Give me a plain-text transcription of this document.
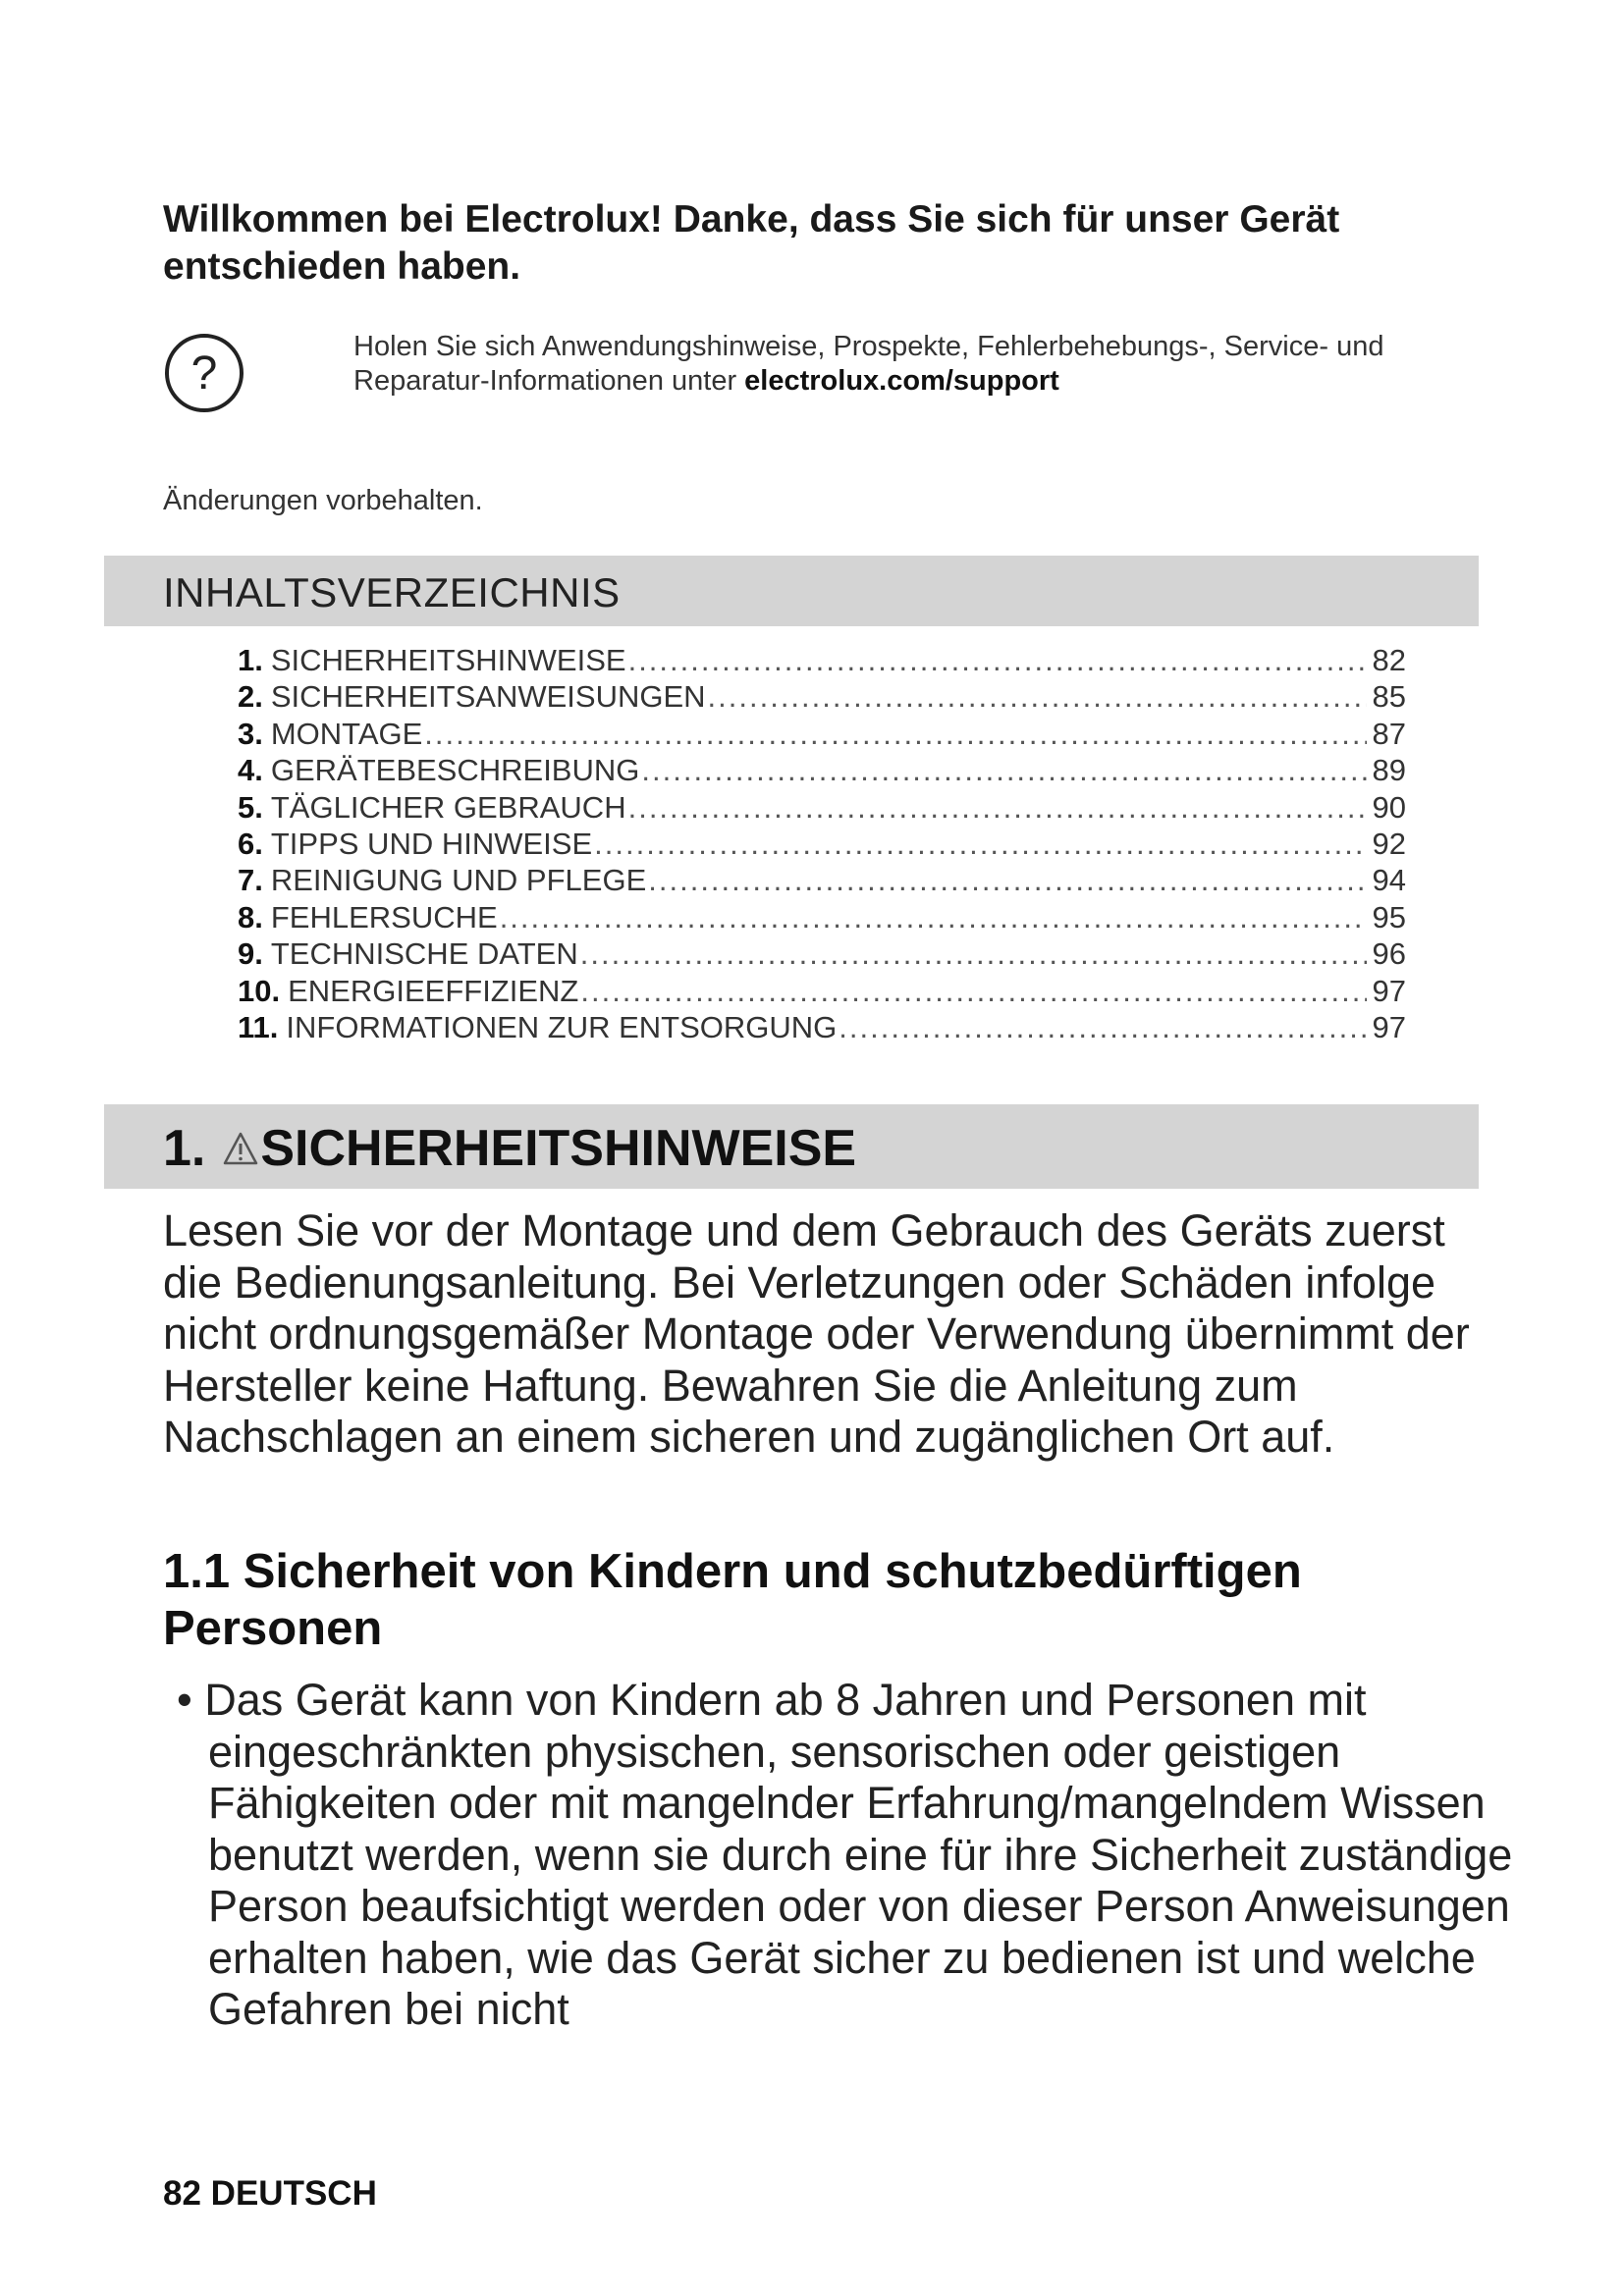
Willkommen bei Electrolux! Danke, dass Sie sich für unser Gerät entschieden haben.
?
Holen Sie sich Anwendungshinweise, Prospekte, Fehlerbehebungs-, Service- und Reparatur-Informationen unter electrolux.com/support
Änderungen vorbehalten.
INHALTSVERZEICHNIS
1. SICHERHEITSHINWEISE .....	82
2. SICHERHEITSANWEISUNGEN .....	85
3. MONTAGE .....	87
4. GERÄTEBESCHREIBUNG .....	89
5. TÄGLICHER GEBRAUCH .....	90
6. TIPPS UND HINWEISE .....	92
7. REINIGUNG UND PFLEGE .....	94
8. FEHLERSUCHE .....	95
9. TECHNISCHE DATEN .....	96
10. ENERGIEEFFIZIENZ .....	97
11. INFORMATIONEN ZUR ENTSORGUNG .....	97
1. SICHERHEITSHINWEISE

Lesen Sie vor der Montage und dem Gebrauch des Geräts zuerst die Bedienungsanleitung. Bei Verletzungen oder Schäden infolge nicht ordnungsgemäßer Montage oder Verwendung übernimmt der Hersteller keine Haftung. Bewahren Sie die Anleitung zum Nachschlagen an einem sicheren und zugänglichen Ort auf.

1.1 Sicherheit von Kindern und schutzbedürftigen Personen

• Das Gerät kann von Kindern ab 8 Jahren und Personen mit eingeschränkten physischen, sensorischen oder geistigen Fähigkeiten oder mit mangelnder Erfahrung/mangelndem Wissen benutzt werden, wenn sie durch eine für ihre Sicherheit zuständige Person beaufsichtigt werden oder von dieser Person Anweisungen erhalten haben, wie das Gerät sicher zu bedienen ist und welche Gefahren bei nicht

82 DEUTSCH
